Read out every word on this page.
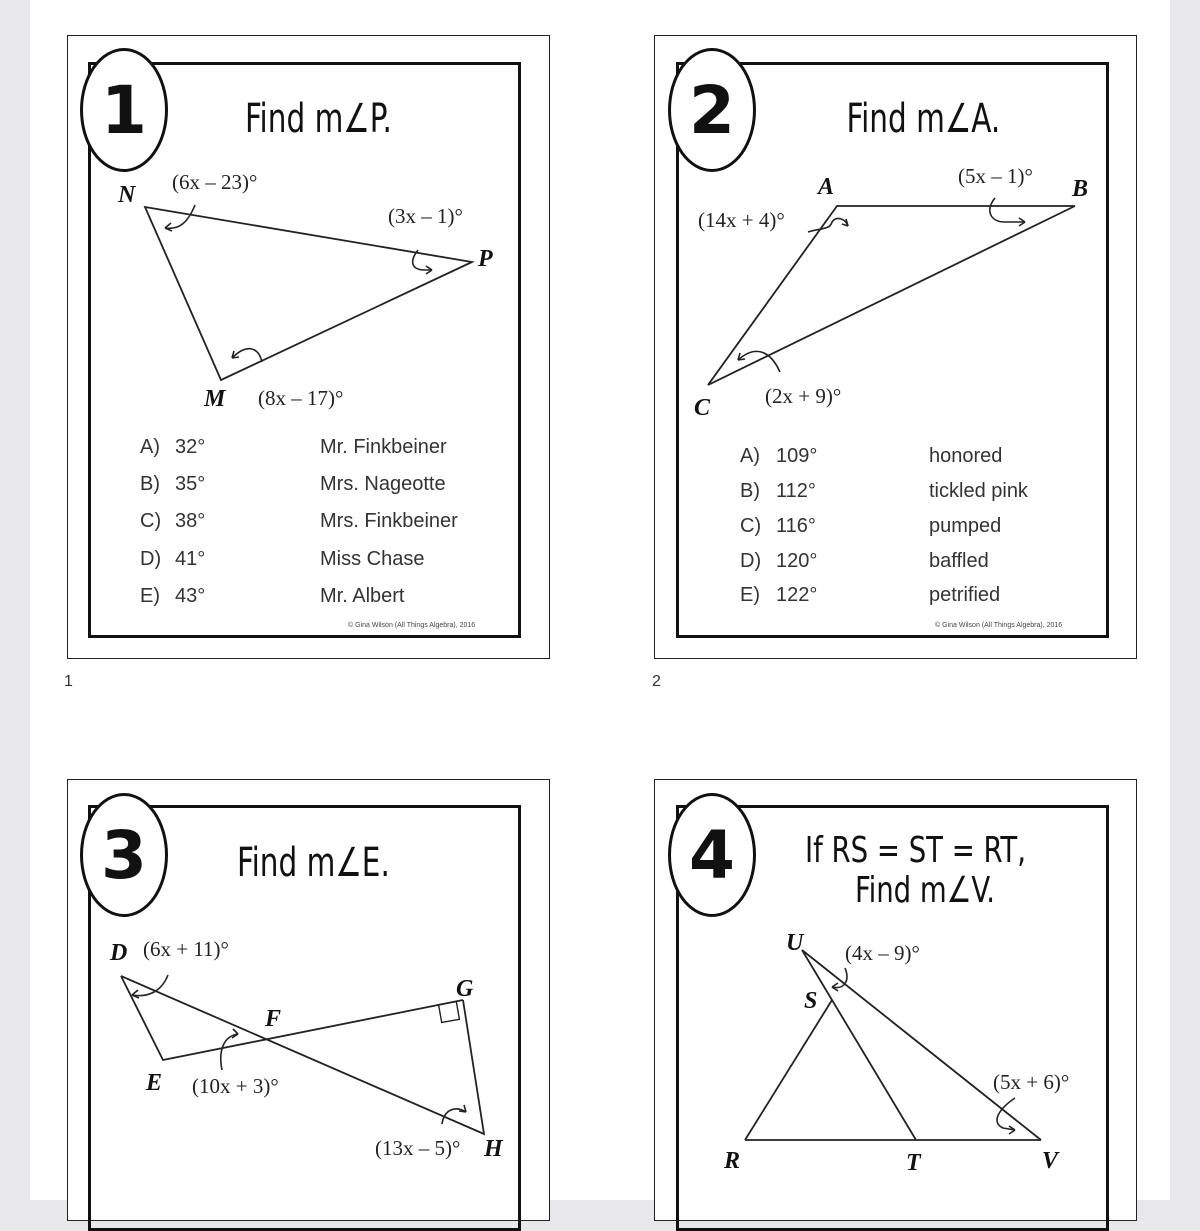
1	Find m∠P.
N
P
M
(6x – 23)°
(3x – 1)°
(8x – 17)°
A) 32°	Mr. Finkbeiner
B) 35°	Mrs. Nageotte
C) 38°	Mrs. Finkbeiner
D) 41°	Miss Chase
E) 43°	Mr. Albert
© Gina Wilson (All Things Algebra), 2016
1
2	Find m∠A.
A	B
C
(14x + 4)°
(5x – 1)°
(2x + 9)°
A) 109°	honored
B) 112°	tickled pink
C) 116°	pumped
D) 120°	baffled
E) 122°	petrified
© Gina Wilson (All Things Algebra), 2016
2
3	Find m∠E.
D
E
F
G
H
(6x + 11)°
(10x + 3)°
(13x – 5)°
4 If RS = ST = RT,
Find m∠V.
U
S
R	T	V
(4x – 9)°
(5x + 6)°
